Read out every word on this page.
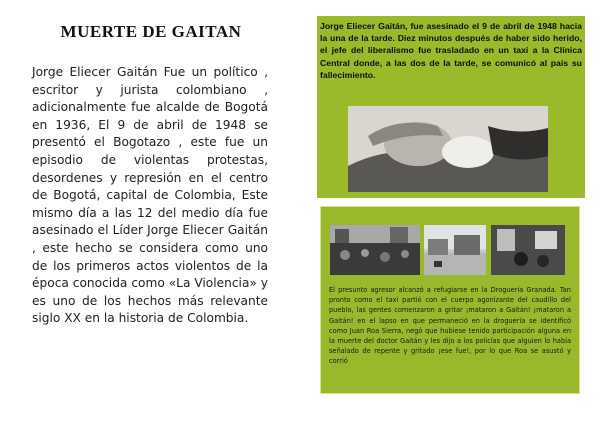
MUERTE DE GAITAN
Jorge Eliecer Gaitán Fue un político , escritor y jurista colombiano , adicionalmente fue alcalde de Bogotá en 1936, El 9 de abril de 1948 se presentó el Bogotazo , este fue un episodio de violentas protestas, desordenes y represión en el centro de Bogotá, capital de Colombia, Este mismo día a las 12 del medio día fue asesinado el Líder Jorge Eliecer Gaitán , este hecho se considera como uno de los primeros actos violentos de la época conocida como «La Violencia» y es uno de los hechos más relevante siglo XX en la historia de Colombia.
Jorge Eliecer Gaitán, fue asesinado el 9 de abril de 1948 hacia la una de la tarde. Diez minutos después de haber sido herido, el jefe del liberalismo fue trasladado en un taxi a la Clínica Central donde, a las dos de la tarde, se comunicó al país su fallecimiento.
El presunto agresor alcanzó a refugiarse en la Droguería Granada. Tan pronto como el taxi partió con el cuerpo agonizante del caudillo del pueblo, las gentes comenzaron a gritar ¡mataron a Gaitán! ¡mataron a Gaitán! en el lapso en que permaneció en la droguería se identificó como Juan Roa Sierra, negó que hubiese tenido participación alguna en la muerte del doctor Gaitán y les dijo a los policías que alguien lo había señalado de repente y gritado ¡ese fue!, por lo que Roa se asustó y corrió
